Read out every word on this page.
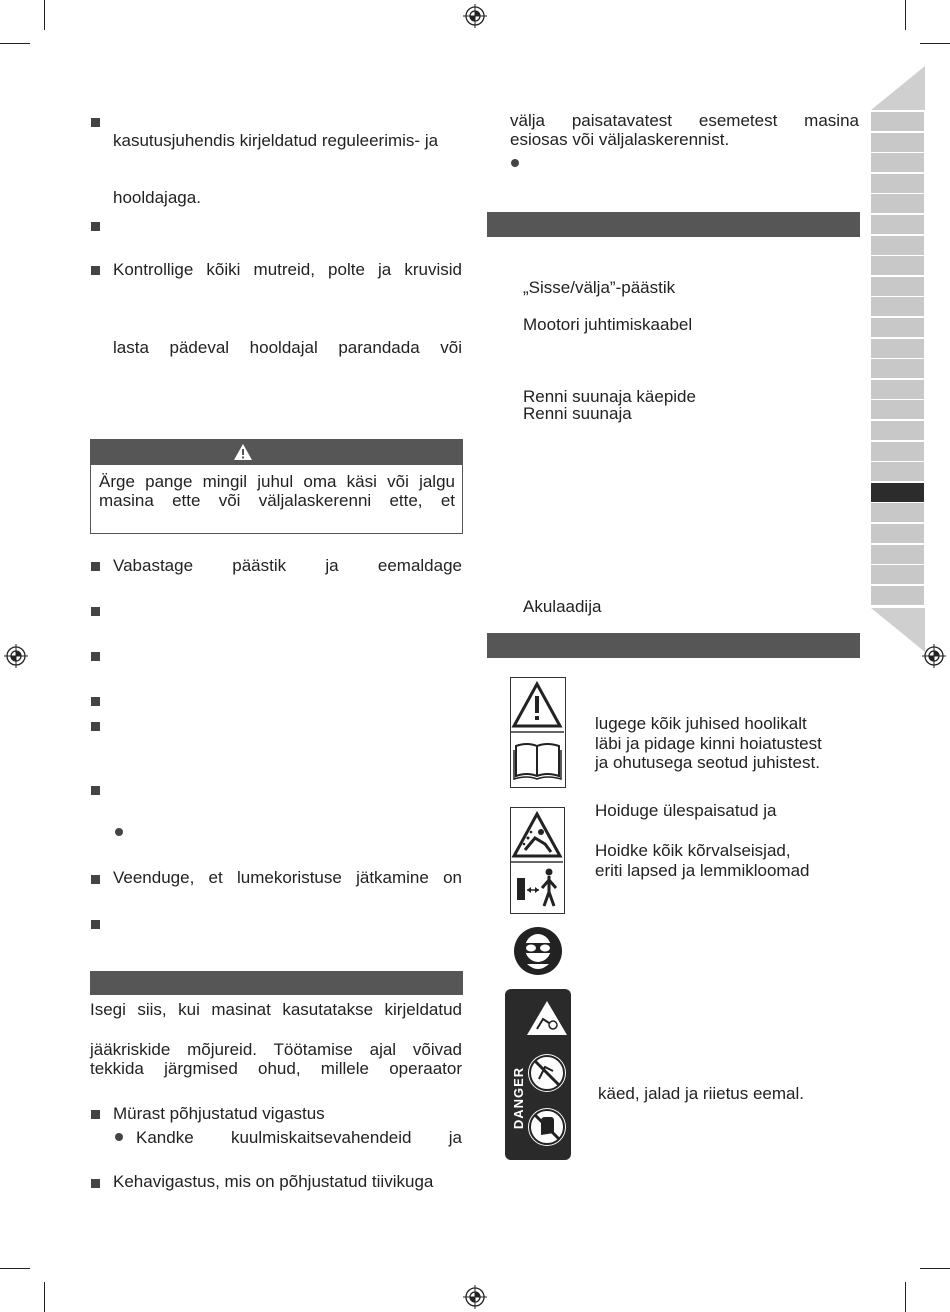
kasutusjuhendis kirjeldatud reguleerimis- ja
hooldajaga.
Kontrollige kõiki mutreid, polte ja kruvisid
lasta pädeval hooldajal parandada või
Ärge pange mingil juhul oma käsi või jalgu
masina ette või väljalaskerenni ette, et
Vabastage päästik ja eemaldage
Veenduge, et lumekoristuse jätkamine on
Isegi siis, kui masinat kasutatakse kirjeldatud
jääkriskide mõjureid. Töötamise ajal võivad
tekkida järgmised ohud, millele operaator
Mürast põhjustatud vigastus
Kandke kuulmiskaitsevahendeid ja
Kehavigastus, mis on põhjustatud tiivikuga
välja paisatavatest esemetest masina
esiosas või väljalaskerennist.
„Sisse/välja”-päästik
Mootori juhtimiskaabel
Renni suunaja käepide
Renni suunaja
Akulaadija
lugege kõik juhised hoolikalt
läbi ja pidage kinni hoiatustest
ja ohutusega seotud juhistest.
Hoiduge ülespaisatud ja
Hoidke kõik kõrvalseisjad,
eriti lapsed ja lemmikloomad
DANGER	käed, jalad ja riietus eemal.
